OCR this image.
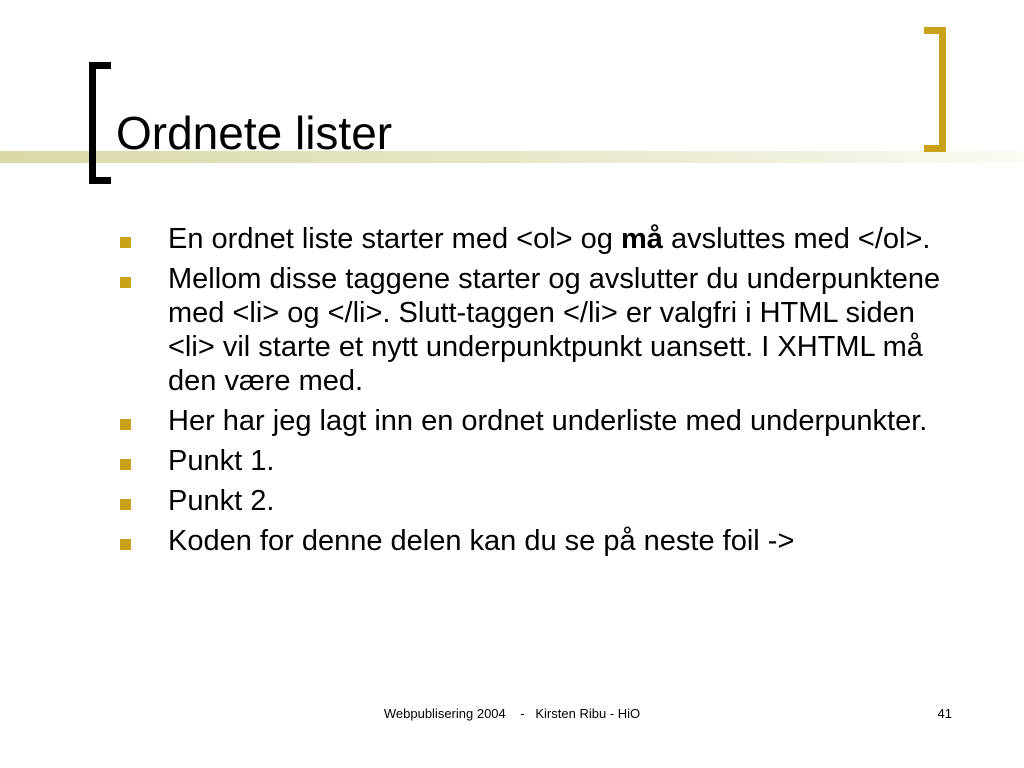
Ordnete lister
En ordnet liste starter med <ol> og må avsluttes med </ol>.
Mellom disse taggene starter og avslutter du underpunktene med <li> og </li>. Slutt-taggen </li> er valgfri i HTML siden <li> vil starte et nytt underpunktpunkt uansett. I XHTML må den være med.
Her har jeg lagt inn en ordnet underliste med underpunkter.
Punkt 1.
Punkt 2.
Koden for denne delen kan du se på neste foil ->
Webpublisering 2004    -   Kirsten Ribu - HiO	41
